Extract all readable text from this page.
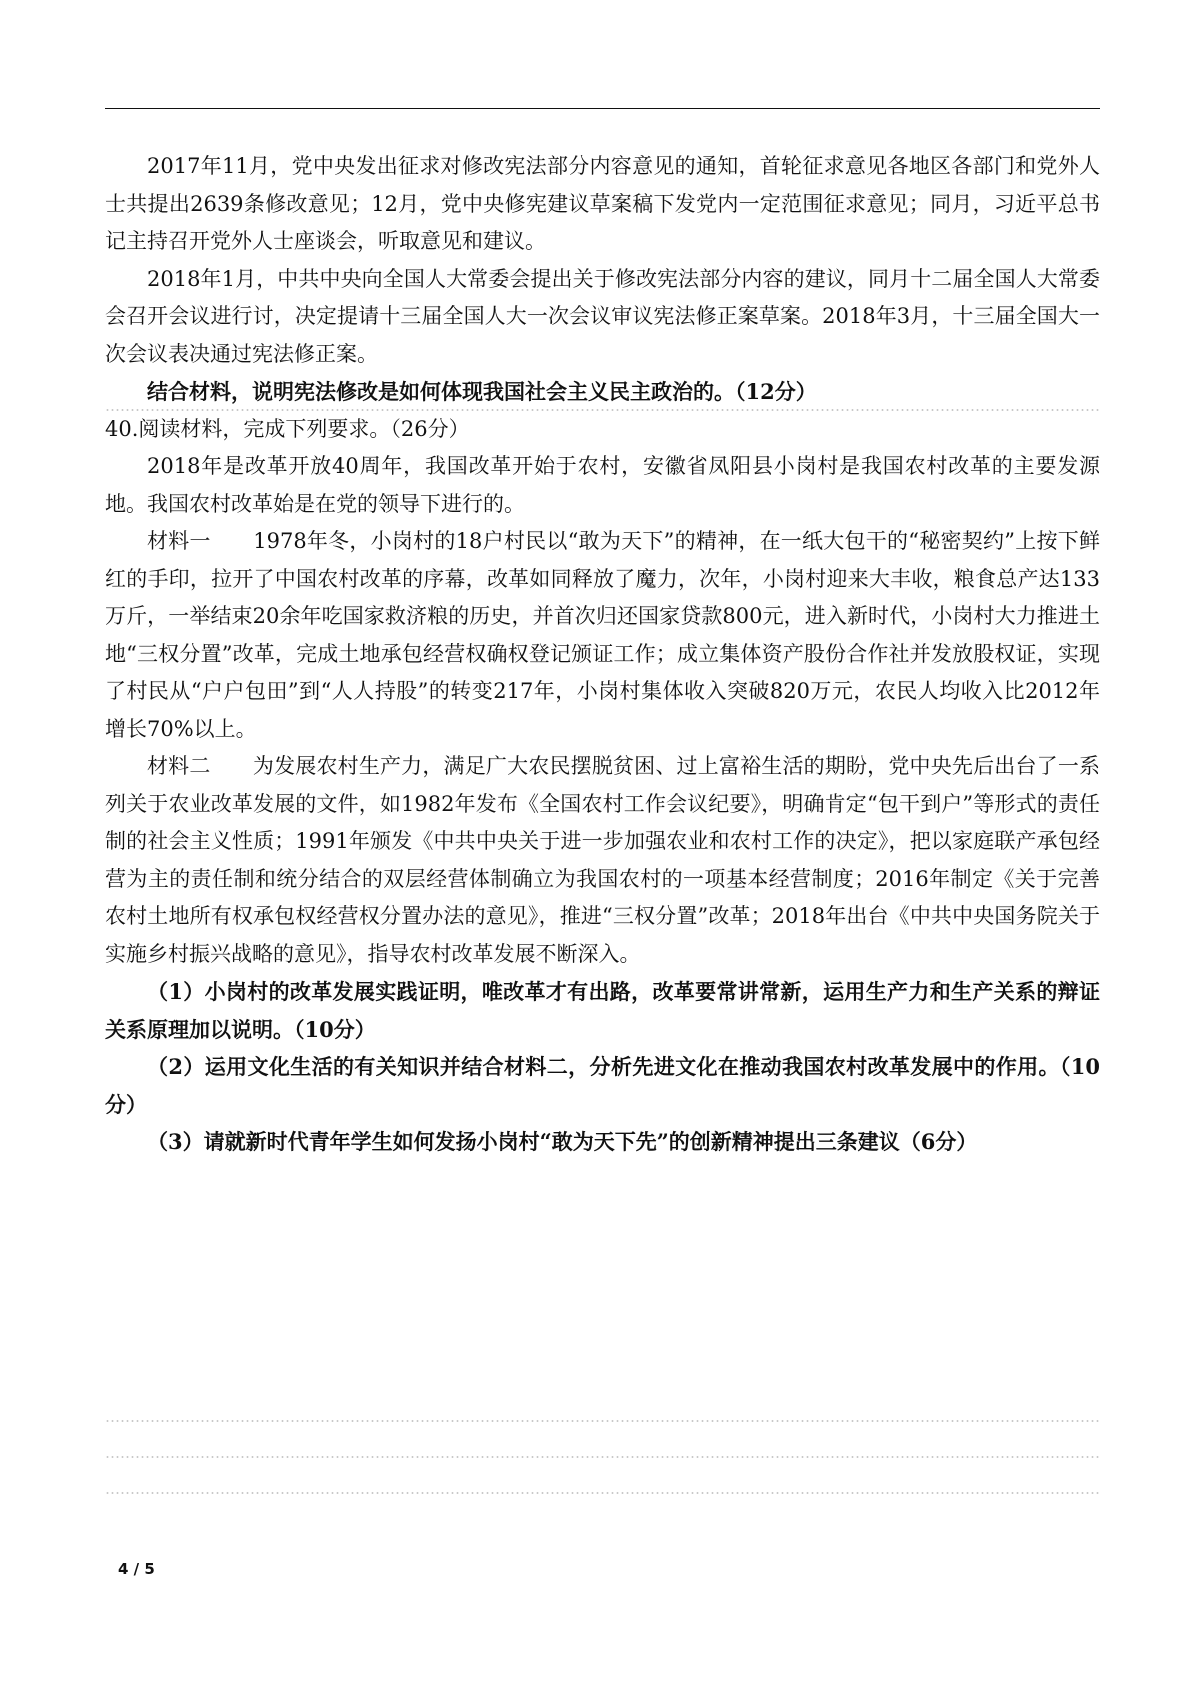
2017年11月，党中央发出征求对修改宪法部分内容意见的通知，首轮征求意见各地区各部门和党外人士共提出2639条修改意见；12月，党中央修宪建议草案稿下发党内一定范围征求意见；同月，习近平总书记主持召开党外人士座谈会，听取意见和建议。

2018年1月，中共中央向全国人大常委会提出关于修改宪法部分内容的建议，同月十二届全国人大常委会召开会议进行讨，决定提请十三届全国人大一次会议审议宪法修正案草案。2018年3月，十三届全国大一次会议表决通过宪法修正案。

结合材料，说明宪法修改是如何体现我国社会主义民主政治的。（12分）

40.阅读材料，完成下列要求。（26分）

2018年是改革开放40周年，我国改革开始于农村，安徽省凤阳县小岗村是我国农村改革的主要发源地。我国农村改革始是在党的领导下进行的。

材料一　　1978年冬，小岗村的18户村民以“敢为天下”的精神，在一纸大包干的“秘密契约”上按下鲜红的手印，拉开了中国农村改革的序幕，改革如同释放了魔力，次年，小岗村迎来大丰收，粮食总产达133万斤，一举结束20余年吃国家救济粮的历史，并首次归还国家贷款800元，进入新时代，小岗村大力推进土地“三权分置”改革，完成土地承包经营权确权登记颁证工作；成立集体资产股份合作社并发放股权证，实现了村民从“户户包田”到“人人持股”的转变217年，小岗村集体收入突破820万元，农民人均收入比2012年增长70%以上。

材料二　　为发展农村生产力，满足广大农民摆脱贫困、过上富裕生活的期盼，党中央先后出台了一系列关于农业改革发展的文件，如1982年发布《全国农村工作会议纪要》，明确肯定“包干到户”等形式的责任制的社会主义性质；1991年颁发《中共中央关于进一步加强农业和农村工作的决定》，把以家庭联产承包经营为主的责任制和统分结合的双层经营体制确立为我国农村的一项基本经营制度；2016年制定《关于完善农村土地所有权承包权经营权分置办法的意见》，推进“三权分置”改革；2018年出台《中共中央国务院关于实施乡村振兴战略的意见》，指导农村改革发展不断深入。

（1）小岗村的改革发展实践证明，唯改革才有出路，改革要常讲常新，运用生产力和生产关系的辩证关系原理加以说明。（10分）

（2）运用文化生活的有关知识并结合材料二，分析先进文化在推动我国农村改革发展中的作用。（10分）

（3）请就新时代青年学生如何发扬小岗村“敢为天下先”的创新精神提出三条建议（6分）

4 / 5
